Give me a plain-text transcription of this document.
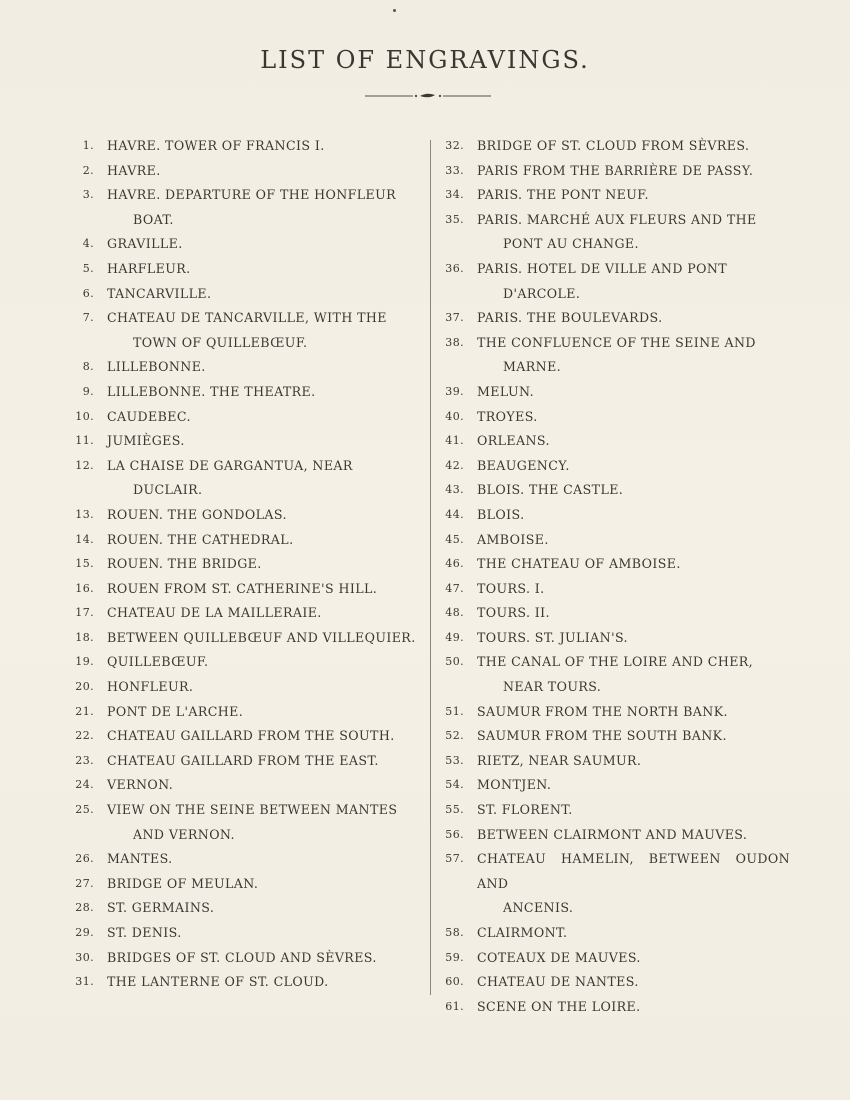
LIST OF ENGRAVINGS.
1.	HAVRE. TOWER OF FRANCIS I.
2.	HAVRE.
3.	HAVRE. DEPARTURE OF THE HONFLEUR
BOAT.
4.	GRAVILLE.
5.	HARFLEUR.
6.	TANCARVILLE.
7.	CHATEAU DE TANCARVILLE, WITH THE
TOWN OF QUILLEBŒUF.
8.	LILLEBONNE.
9.	LILLEBONNE. THE THEATRE.
10.	CAUDEBEC.
11.	JUMIÈGES.
12.	LA CHAISE DE GARGANTUA, NEAR
DUCLAIR.
13.	ROUEN. THE GONDOLAS.
14.	ROUEN. THE CATHEDRAL.
15.	ROUEN. THE BRIDGE.
16.	ROUEN FROM ST. CATHERINE'S HILL.
17.	CHATEAU DE LA MAILLERAIE.
18.	BETWEEN QUILLEBŒUF AND VILLEQUIER.
19.	QUILLEBŒUF.
20.	HONFLEUR.
21.	PONT DE L'ARCHE.
22.	CHATEAU GAILLARD FROM THE SOUTH.
23.	CHATEAU GAILLARD FROM THE EAST.
24.	VERNON.
25.	VIEW ON THE SEINE BETWEEN MANTES
AND VERNON.
26.	MANTES.
27.	BRIDGE OF MEULAN.
28.	ST. GERMAINS.
29.	ST. DENIS.
30.	BRIDGES OF ST. CLOUD AND SÈVRES.
31.	THE LANTERNE OF ST. CLOUD.
32.	BRIDGE OF ST. CLOUD FROM SÈVRES.
33.	PARIS FROM THE BARRIÈRE DE PASSY.
34.	PARIS. THE PONT NEUF.
35.	PARIS. MARCHÉ AUX FLEURS AND THE
PONT AU CHANGE.
36.	PARIS. HOTEL DE VILLE AND PONT
D'ARCOLE.
37.	PARIS. THE BOULEVARDS.
38.	THE CONFLUENCE OF THE SEINE AND
MARNE.
39.	MELUN.
40.	TROYES.
41.	ORLEANS.
42.	BEAUGENCY.
43.	BLOIS. THE CASTLE.
44.	BLOIS.
45.	AMBOISE.
46.	THE CHATEAU OF AMBOISE.
47.	TOURS. I.
48.	TOURS. II.
49.	TOURS. ST. JULIAN'S.
50.	THE CANAL OF THE LOIRE AND CHER,
NEAR TOURS.
51.	SAUMUR FROM THE NORTH BANK.
52.	SAUMUR FROM THE SOUTH BANK.
53.	RIETZ, NEAR SAUMUR.
54.	MONTJEN.
55.	ST. FLORENT.
56.	BETWEEN CLAIRMONT AND MAUVES.
57.	CHATEAU HAMELIN, BETWEEN OUDON AND
ANCENIS.
58.	CLAIRMONT.
59.	COTEAUX DE MAUVES.
60.	CHATEAU DE NANTES.
61.	SCENE ON THE LOIRE.
